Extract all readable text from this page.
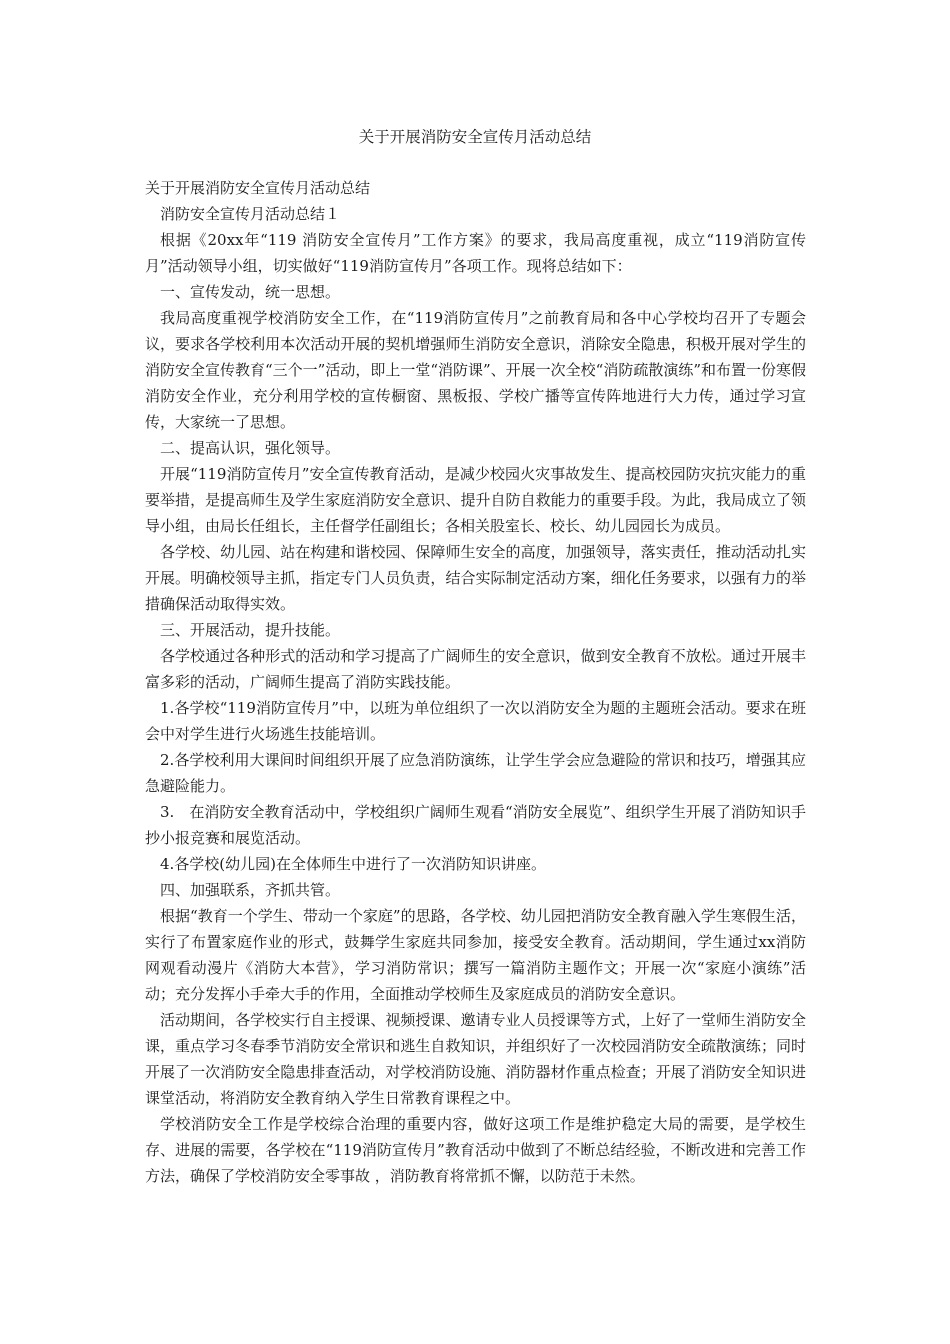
关于开展消防安全宣传月活动总结

关于开展消防安全宣传月活动总结

消防安全宣传月活动总结１

根据《20xx年“119 消防安全宣传月”工作方案》的要求，我局高度重视，成立“119消防宣传月”活动领导小组，切实做好“119消防宣传月”各项工作。现将总结如下：

一、宣传发动，统一思想。

我局高度重视学校消防安全工作，在“119消防宣传月”之前教育局和各中心学校均召开了专题会议，要求各学校利用本次活动开展的契机增强师生消防安全意识，消除安全隐患，积极开展对学生的消防安全宣传教育“三个一”活动，即上一堂“消防课”、开展一次全校“消防疏散演练”和布置一份寒假消防安全作业，充分利用学校的宣传橱窗、黑板报、学校广播等宣传阵地进行大力传，通过学习宣传，大家统一了思想。

二、提高认识，强化领导。

开展“119消防宣传月”安全宣传教育活动，是减少校园火灾事故发生、提高校园防灾抗灾能力的重要举措，是提高师生及学生家庭消防安全意识、提升自防自救能力的重要手段。为此，我局成立了领导小组，由局长任组长，主任督学任副组长；各相关股室长、校长、幼儿园园长为成员。

各学校、幼儿园、站在构建和谐校园、保障师生安全的高度，加强领导，落实责任，推动活动扎实开展。明确校领导主抓，指定专门人员负责，结合实际制定活动方案，细化任务要求，以强有力的举措确保活动取得实效。

三、开展活动，提升技能。

各学校通过各种形式的活动和学习提高了广阔师生的安全意识，做到安全教育不放松。通过开展丰富多彩的活动，广阔师生提高了消防实践技能。

1.各学校“119消防宣传月”中，以班为单位组织了一次以消防安全为题的主题班会活动。要求在班会中对学生进行火场逃生技能培训。

2.各学校利用大课间时间组织开展了应急消防演练，让学生学会应急避险的常识和技巧，增强其应急避险能力。

3.　在消防安全教育活动中，学校组织广阔师生观看“消防安全展览”、组织学生开展了消防知识手抄小报竞赛和展览活动。

4.各学校(幼儿园)在全体师生中进行了一次消防知识讲座。

四、加强联系，齐抓共管。

根据“教育一个学生、带动一个家庭”的思路，各学校、幼儿园把消防安全教育融入学生寒假生活，实行了布置家庭作业的形式，鼓舞学生家庭共同参加，接受安全教育。活动期间，学生通过xx消防网观看动漫片《消防大本营》，学习消防常识；撰写一篇消防主题作文；开展一次“家庭小演练”活动；充分发挥小手牵大手的作用，全面推动学校师生及家庭成员的消防安全意识。

活动期间，各学校实行自主授课、视频授课、邀请专业人员授课等方式，上好了一堂师生消防安全课，重点学习冬春季节消防安全常识和逃生自救知识，并组织好了一次校园消防安全疏散演练；同时开展了一次消防安全隐患排查活动，对学校消防设施、消防器材作重点检查；开展了消防安全知识进课堂活动，将消防安全教育纳入学生日常教育课程之中。

学校消防安全工作是学校综合治理的重要内容，做好这项工作是维护稳定大局的需要，是学校生存、进展的需要，各学校在“119消防宣传月”教育活动中做到了不断总结经验，不断改进和完善工作方法，确保了学校消防安全零事故 ，消防教育将常抓不懈，以防范于未然。
